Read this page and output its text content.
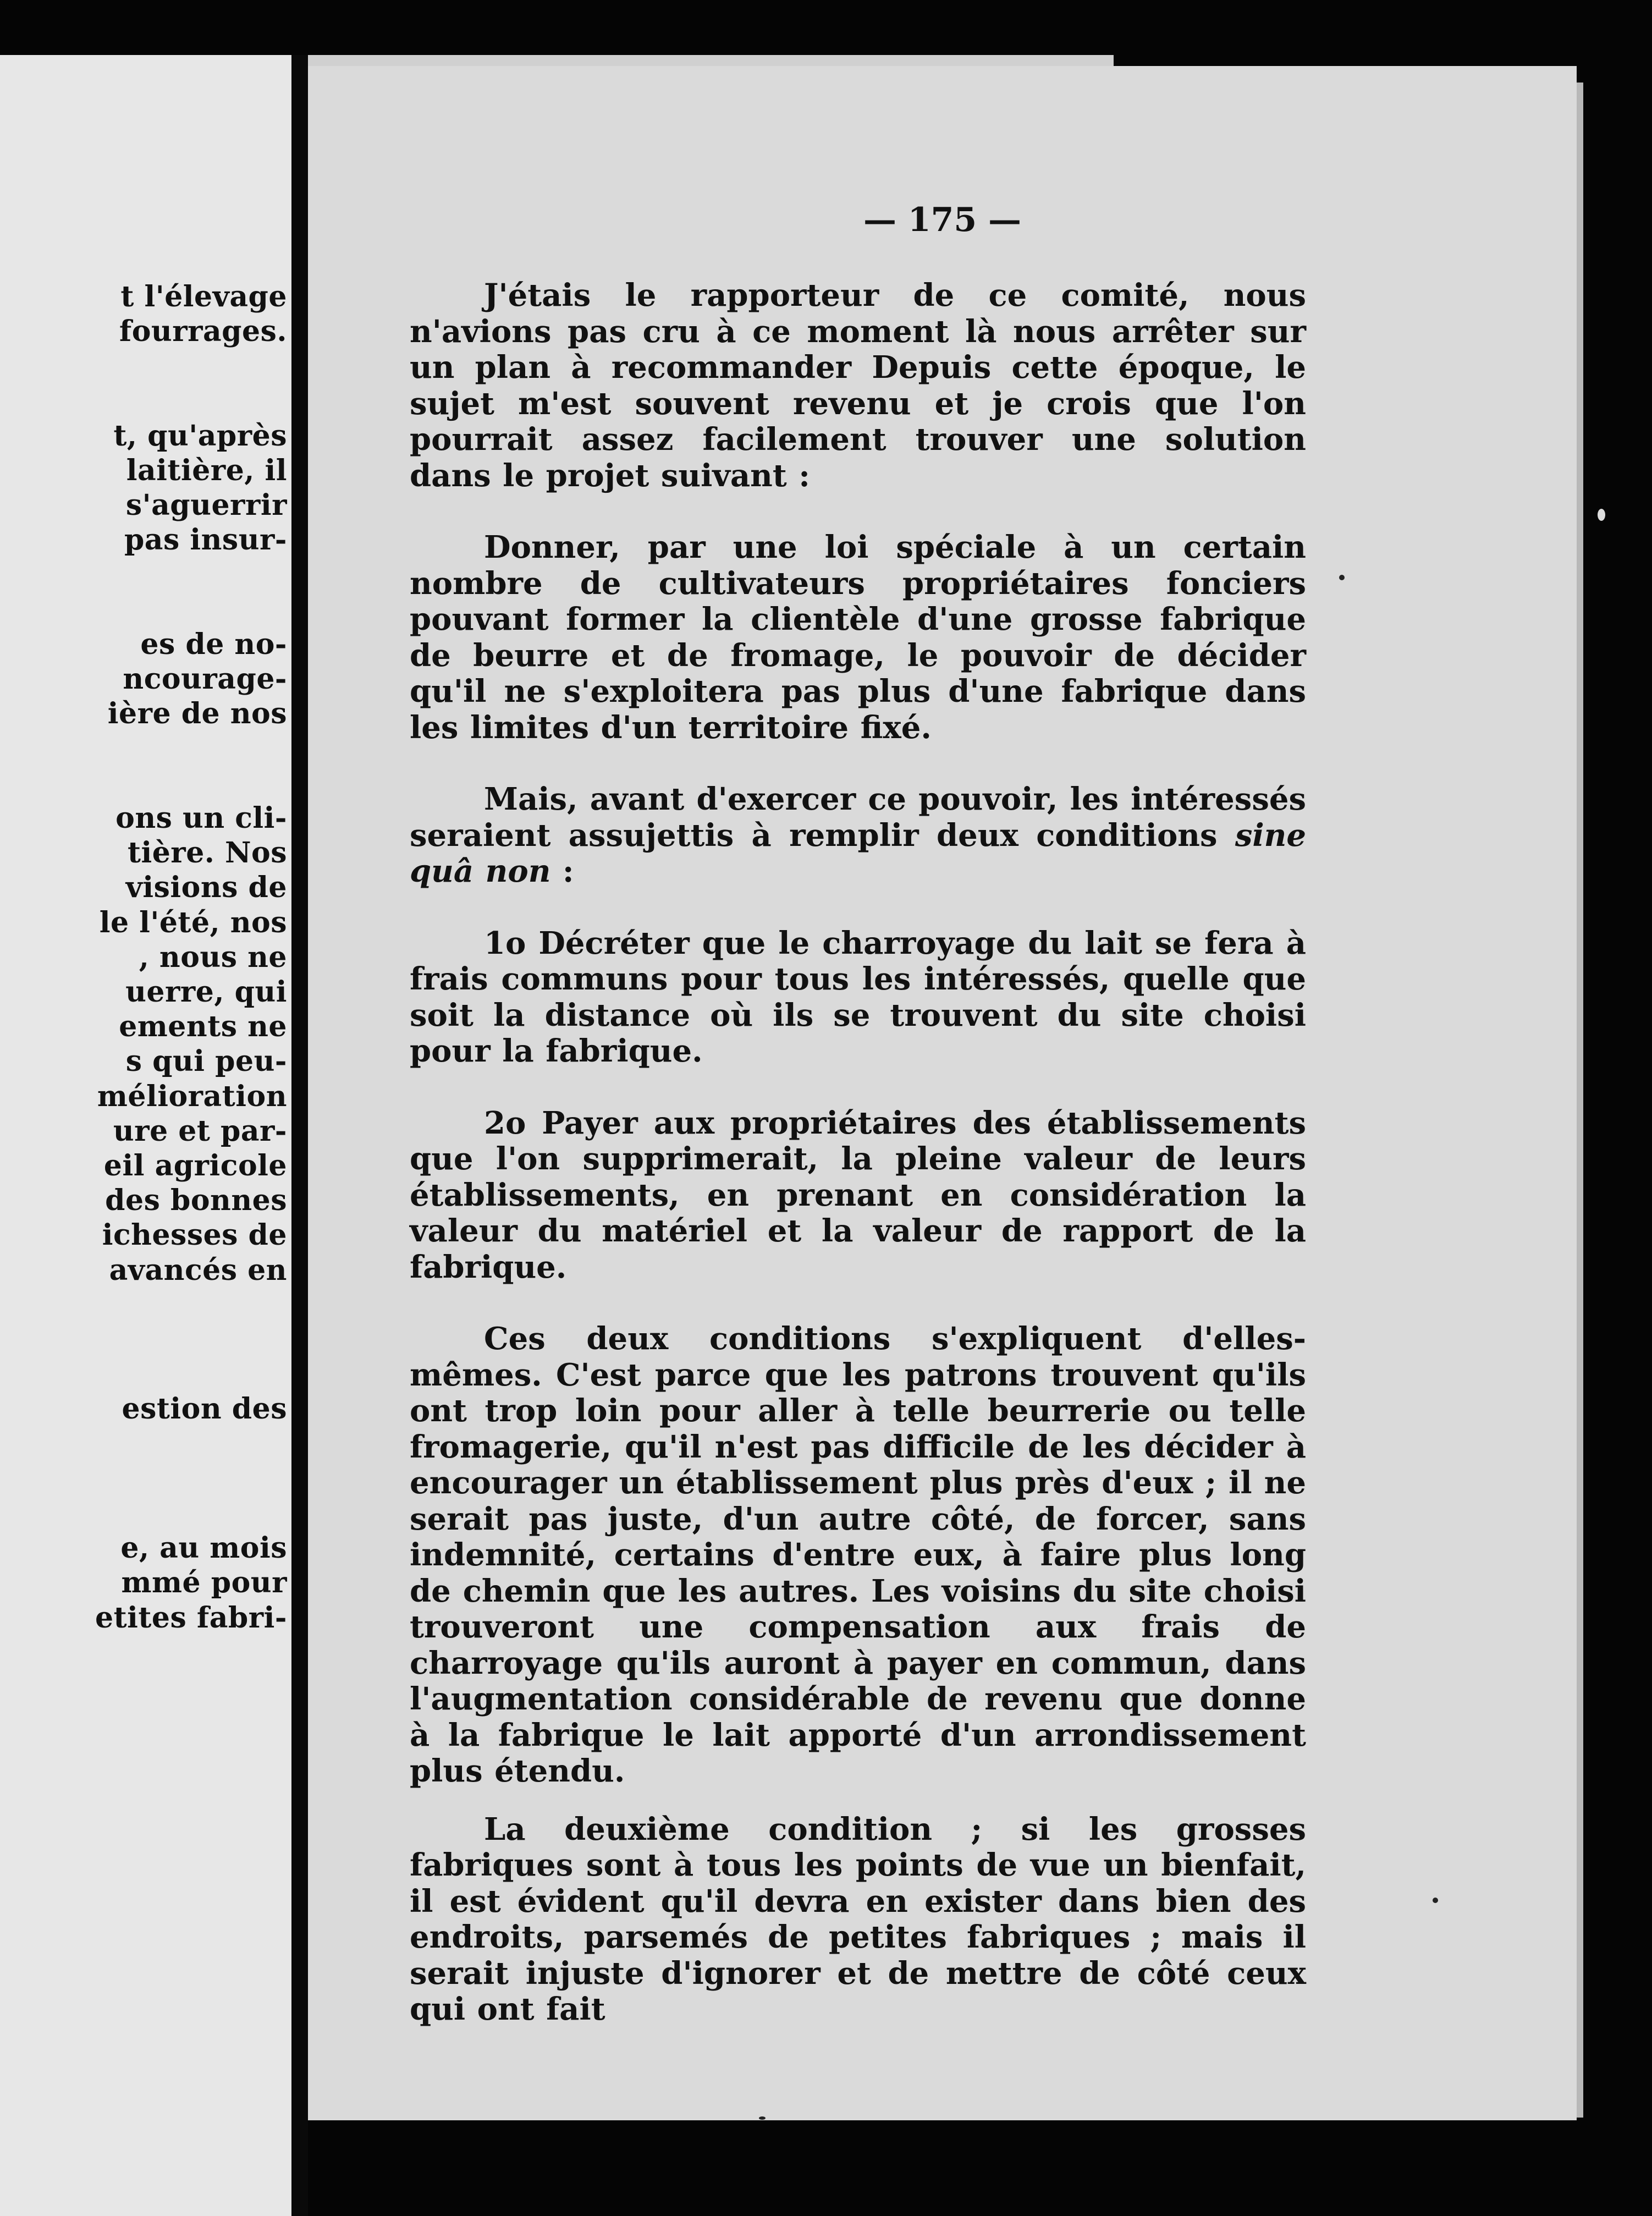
t l'élevage
fourrages.
t, qu'après
laitière, il
s'aguerrir
pas insur-
es de no-
ncourage-
ière de nos
ons un cli-
tière. Nos
visions de
le l'été, nos
, nous ne
uerre, qui
ements ne
s qui peu-
mélioration
ure et par-
eil agricole
des bonnes
ichesses de
avancés en
estion des
e, au mois
mmé pour
etites fabri-
— 175 —

J'étais le rapporteur de ce comité, nous n'avions pas cru à ce moment là nous arrêter sur un plan à recommander Depuis cette époque, le sujet m'est souvent revenu et je crois que l'on pourrait assez facilement trouver une solution dans le projet suivant :

Donner, par une loi spéciale à un certain nombre de cultivateurs propriétaires fonciers pouvant former la clientèle d'une grosse fabrique de beurre et de fromage, le pouvoir de décider qu'il ne s'exploitera pas plus d'une fabrique dans les limites d'un territoire fixé.

Mais, avant d'exercer ce pouvoir, les intéressés seraient assujettis à remplir deux conditions sine quâ non :

1o Décréter que le charroyage du lait se fera à frais communs pour tous les intéressés, quelle que soit la distance où ils se trouvent du site choisi pour la fabrique.

2o Payer aux propriétaires des établissements que l'on supprimerait, la pleine valeur de leurs établissements, en prenant en considération la valeur du matériel et la valeur de rapport de la fabrique.

Ces deux conditions s'expliquent d'elles-mêmes. C'est parce que les patrons trouvent qu'ils ont trop loin pour aller à telle beurrerie ou telle fromagerie, qu'il n'est pas difficile de les décider à encourager un établissement plus près d'eux ; il ne serait pas juste, d'un autre côté, de forcer, sans indemnité, certains d'entre eux, à faire plus long de chemin que les autres. Les voisins du site choisi trouveront une compensation aux frais de charroyage qu'ils auront à payer en commun, dans l'augmentation considérable de revenu que donne à la fabrique le lait apporté d'un arrondissement plus étendu.

La deuxième condition ; si les grosses fabriques sont à tous les points de vue un bienfait, il est évident qu'il devra en exister dans bien des endroits, parsemés de petites fabriques ; mais il serait injuste d'ignorer et de mettre de côté ceux qui ont fait
